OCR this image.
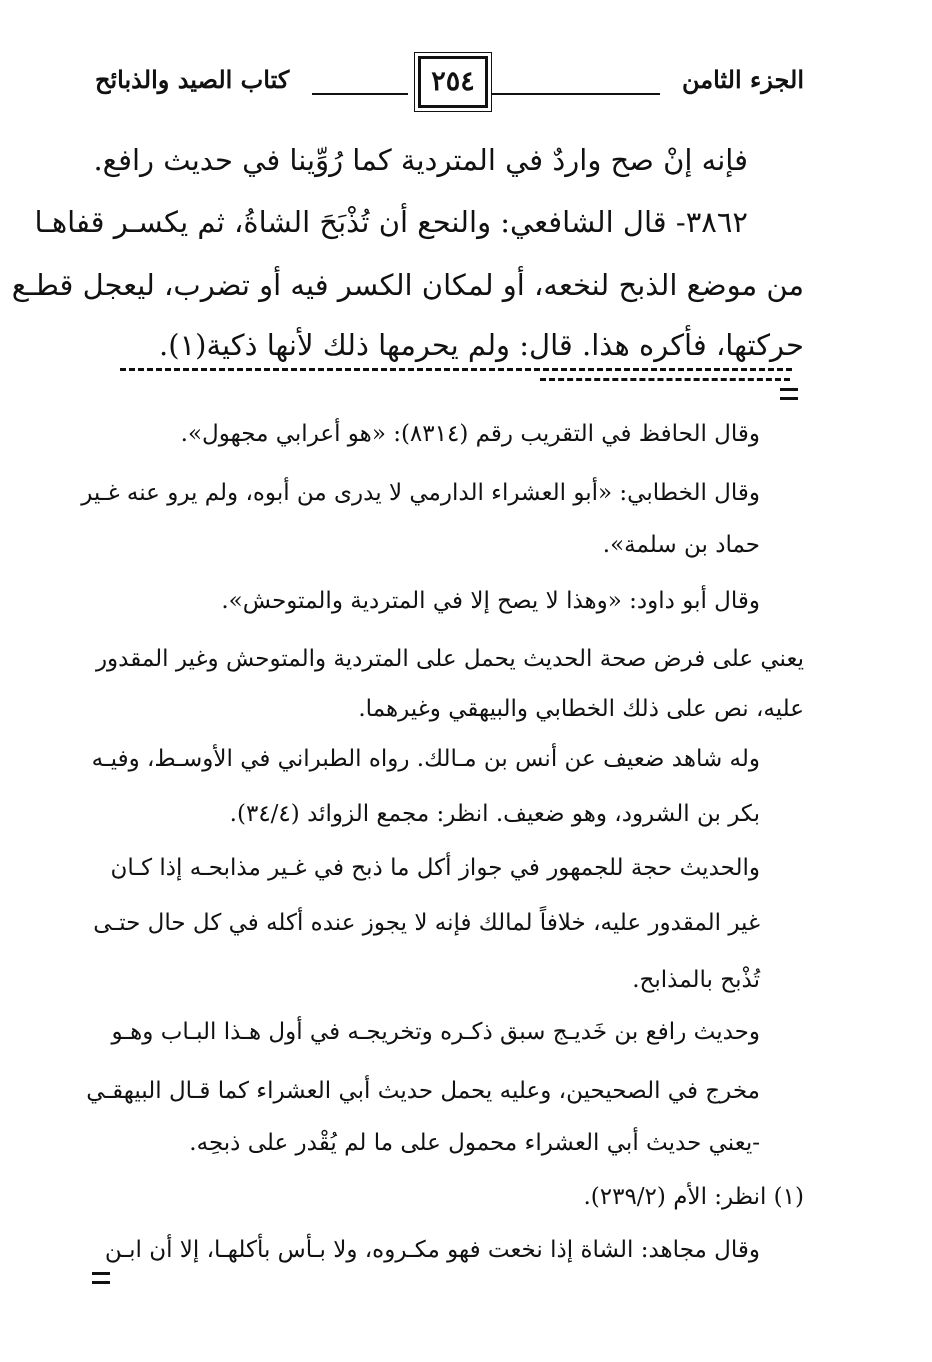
الجزء الثامن
٢٥٤
كتاب الصيد والذبائح
فإنه إنْ صح واردٌ في المتردية كما رُوِّينا في حديث رافع.
٣٨٦٢- قال الشافعي: والنحع أن تُذْبَحَ الشاةُ، ثم يكسـر قفاهـا
من موضع الذبح لنخعه، أو لمكان الكسر فيه أو تضرب، ليعجل قطـع
حركتها، فأكره هذا. قال: ولم يحرمها ذلك لأنها ذكية(١).
وقال الحافظ في التقريب رقم (٨٣١٤): «هو أعرابي مجهول».
وقال الخطابي: «أبو العشراء الدارمي لا يدرى من أبوه، ولم يرو عنه غـير
حماد بن سلمة».
وقال أبو داود: «وهذا لا يصح إلا في المتردية والمتوحش».
يعني على فرض صحة الحديث يحمل على المتردية والمتوحش وغير المقدور
عليه، نص على ذلك الخطابي والبيهقي وغيرهما.
وله شاهد ضعيف عن أنس بن مـالك. رواه الطبراني في الأوسـط، وفيـه
بكر بن الشرود، وهو ضعيف. انظر: مجمع الزوائد (٣٤/٤).
والحديث حجة للجمهور في جواز أكل ما ذبح في غـير مذابحـه إذا كـان
غير المقدور عليه، خلافاً لمالك فإنه لا يجوز عنده أكله في كل حال حتـى
تُذْبح بالمذابح.
وحديث رافع بن خَديـج سبق ذكـره وتخريجـه في أول هـذا البـاب وهـو
مخرج في الصحيحين، وعليه يحمل حديث أبي العشراء كما قـال البيهقـي
-يعني حديث أبي العشراء محمول على ما لم يُقْدر على ذبحِه.
(١) انظر: الأم (٢٣٩/٢).
وقال مجاهد: الشاة إذا نخعت فهو مكـروه، ولا بـأس بأكلهـا، إلا أن ابـن
